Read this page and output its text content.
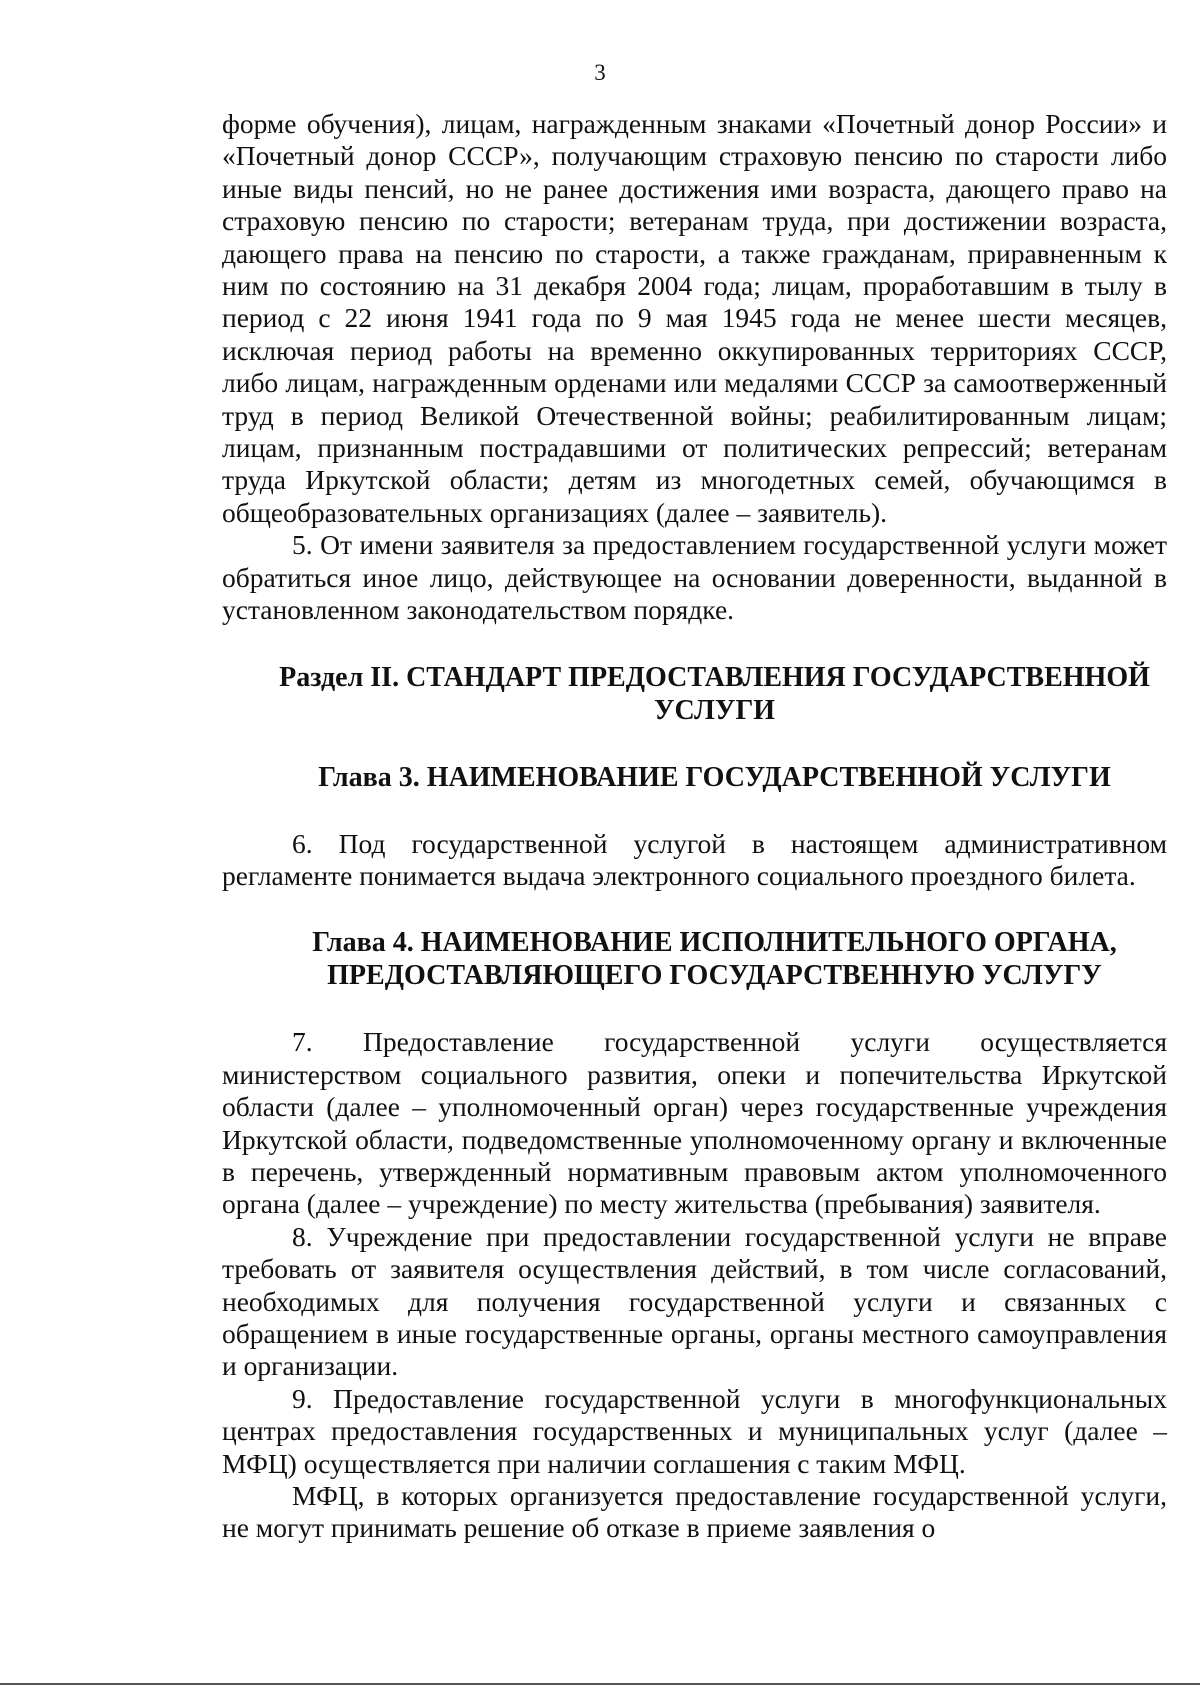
3

форме обучения), лицам, награжденным знаками «Почетный донор России» и «Почетный донор СССР», получающим страховую пенсию по старости либо иные виды пенсий, но не ранее достижения ими возраста, дающего право на страховую пенсию по старости; ветеранам труда, при достижении возраста, дающего права на пенсию по старости, а также гражданам, приравненным к ним по состоянию на 31 декабря 2004 года; лицам, проработавшим в тылу в период с 22 июня 1941 года по 9 мая 1945 года не менее шести месяцев, исключая период работы на временно оккупированных территориях СССР, либо лицам, награжденным орденами или медалями СССР за самоотверженный труд в период Великой Отечественной войны; реабилитированным лицам; лицам, признанным пострадавшими от политических репрессий; ветеранам труда Иркутской области; детям из многодетных семей, обучающимся в общеобразовательных организациях (далее – заявитель).

5. От имени заявителя за предоставлением государственной услуги может обратиться иное лицо, действующее на основании доверенности, выданной в установленном законодательством порядке.

Раздел II. СТАНДАРТ ПРЕДОСТАВЛЕНИЯ ГОСУДАРСТВЕННОЙ
УСЛУГИ
Глава 3. НАИМЕНОВАНИЕ ГОСУДАРСТВЕННОЙ УСЛУГИ

6. Под государственной услугой в настоящем административном регламенте понимается выдача электронного социального проездного билета.

Глава 4. НАИМЕНОВАНИЕ ИСПОЛНИТЕЛЬНОГО ОРГАНА,
ПРЕДОСТАВЛЯЮЩЕГО ГОСУДАРСТВЕННУЮ УСЛУГУ

7. Предоставление государственной услуги осуществляется министерством социального развития, опеки и попечительства Иркутской области (далее – уполномоченный орган) через государственные учреждения Иркутской области, подведомственные уполномоченному органу и включенные в перечень, утвержденный нормативным правовым актом уполномоченного органа (далее – учреждение) по месту жительства (пребывания) заявителя.

8. Учреждение при предоставлении государственной услуги не вправе требовать от заявителя осуществления действий, в том числе согласований, необходимых для получения государственной услуги и связанных с обращением в иные государственные органы, органы местного самоуправления и организации.

9. Предоставление государственной услуги в многофункциональных центрах предоставления государственных и муниципальных услуг (далее – МФЦ) осуществляется при наличии соглашения с таким МФЦ.

МФЦ, в которых организуется предоставление государственной услуги, не могут принимать решение об отказе в приеме заявления о
